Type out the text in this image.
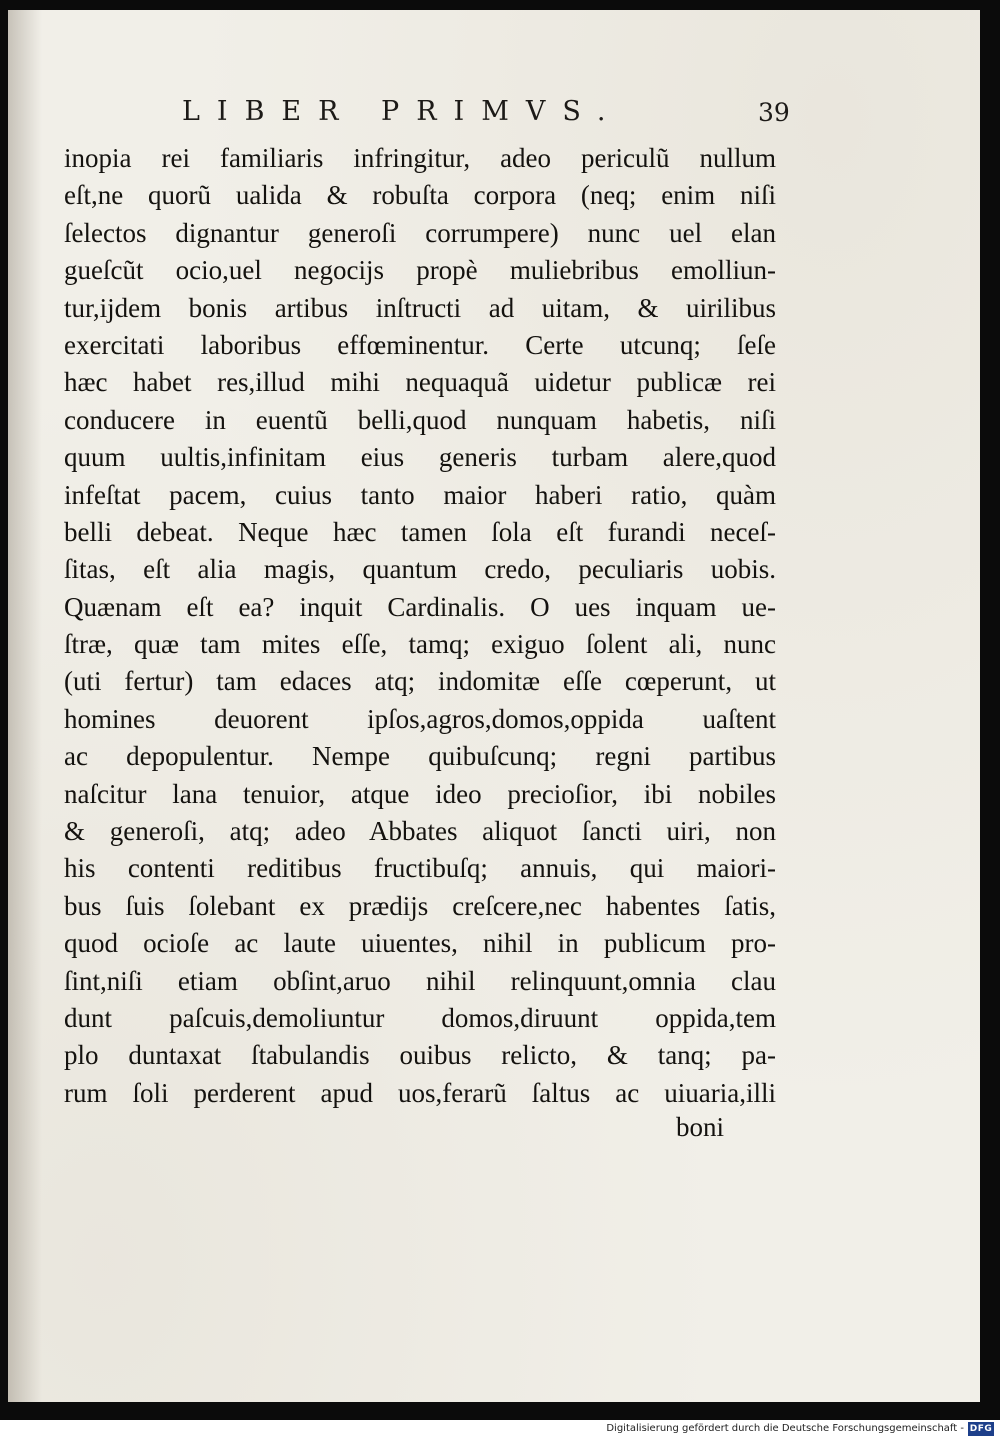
LIBER PRIMVS.	39
inopia rei familiaris infringitur, adeo periculũ nullum
eſt,ne quorũ ualida & robuſta corpora (neq; enim niſi
ſelectos dignantur generoſi corrumpere) nunc uel elan
gueſcũt ocio,uel negocijs propè muliebribus emolliun-
tur,ijdem bonis artibus inſtructi ad uitam, & uirilibus
exercitati laboribus effœminentur. Certe utcunq; ſeſe
hæc habet res,illud mihi nequaquã uidetur publicæ rei
conducere in euentũ belli,quod nunquam habetis, niſi
quum uultis,infinitam eius generis turbam alere,quod
infeſtat pacem, cuius tanto maior haberi ratio, quàm
belli debeat. Neque hæc tamen ſola eſt furandi neceſ-
ſitas, eſt alia magis, quantum credo, peculiaris uobis.
Quænam eſt ea? inquit Cardinalis. O ues inquam ue-
ſtræ, quæ tam mites eſſe, tamq; exiguo ſolent ali, nunc
(uti fertur) tam edaces atq; indomitæ eſſe cœperunt, ut
homines deuorent ipſos,agros,domos,oppida uaſtent
ac depopulentur. Nempe quibuſcunq; regni partibus
naſcitur lana tenuior, atque ideo precioſior, ibi nobiles
& generoſi, atq; adeo Abbates aliquot ſancti uiri, non
his contenti reditibus fructibuſq; annuis, qui maiori-
bus ſuis ſolebant ex prædijs creſcere,nec habentes ſatis,
quod ocioſe ac laute uiuentes, nihil in publicum pro-
ſint,niſi etiam obſint,aruo nihil relinquunt,omnia clau
dunt paſcuis,demoliuntur domos,diruunt oppida,tem
plo duntaxat ſtabulandis ouibus relicto, & tanq; pa-
rum ſoli perderent apud uos,ferarũ ſaltus ac uiuaria,illi
boni
Digitalisierung gefördert durch die Deutsche Forschungsgemeinschaft - DFG
